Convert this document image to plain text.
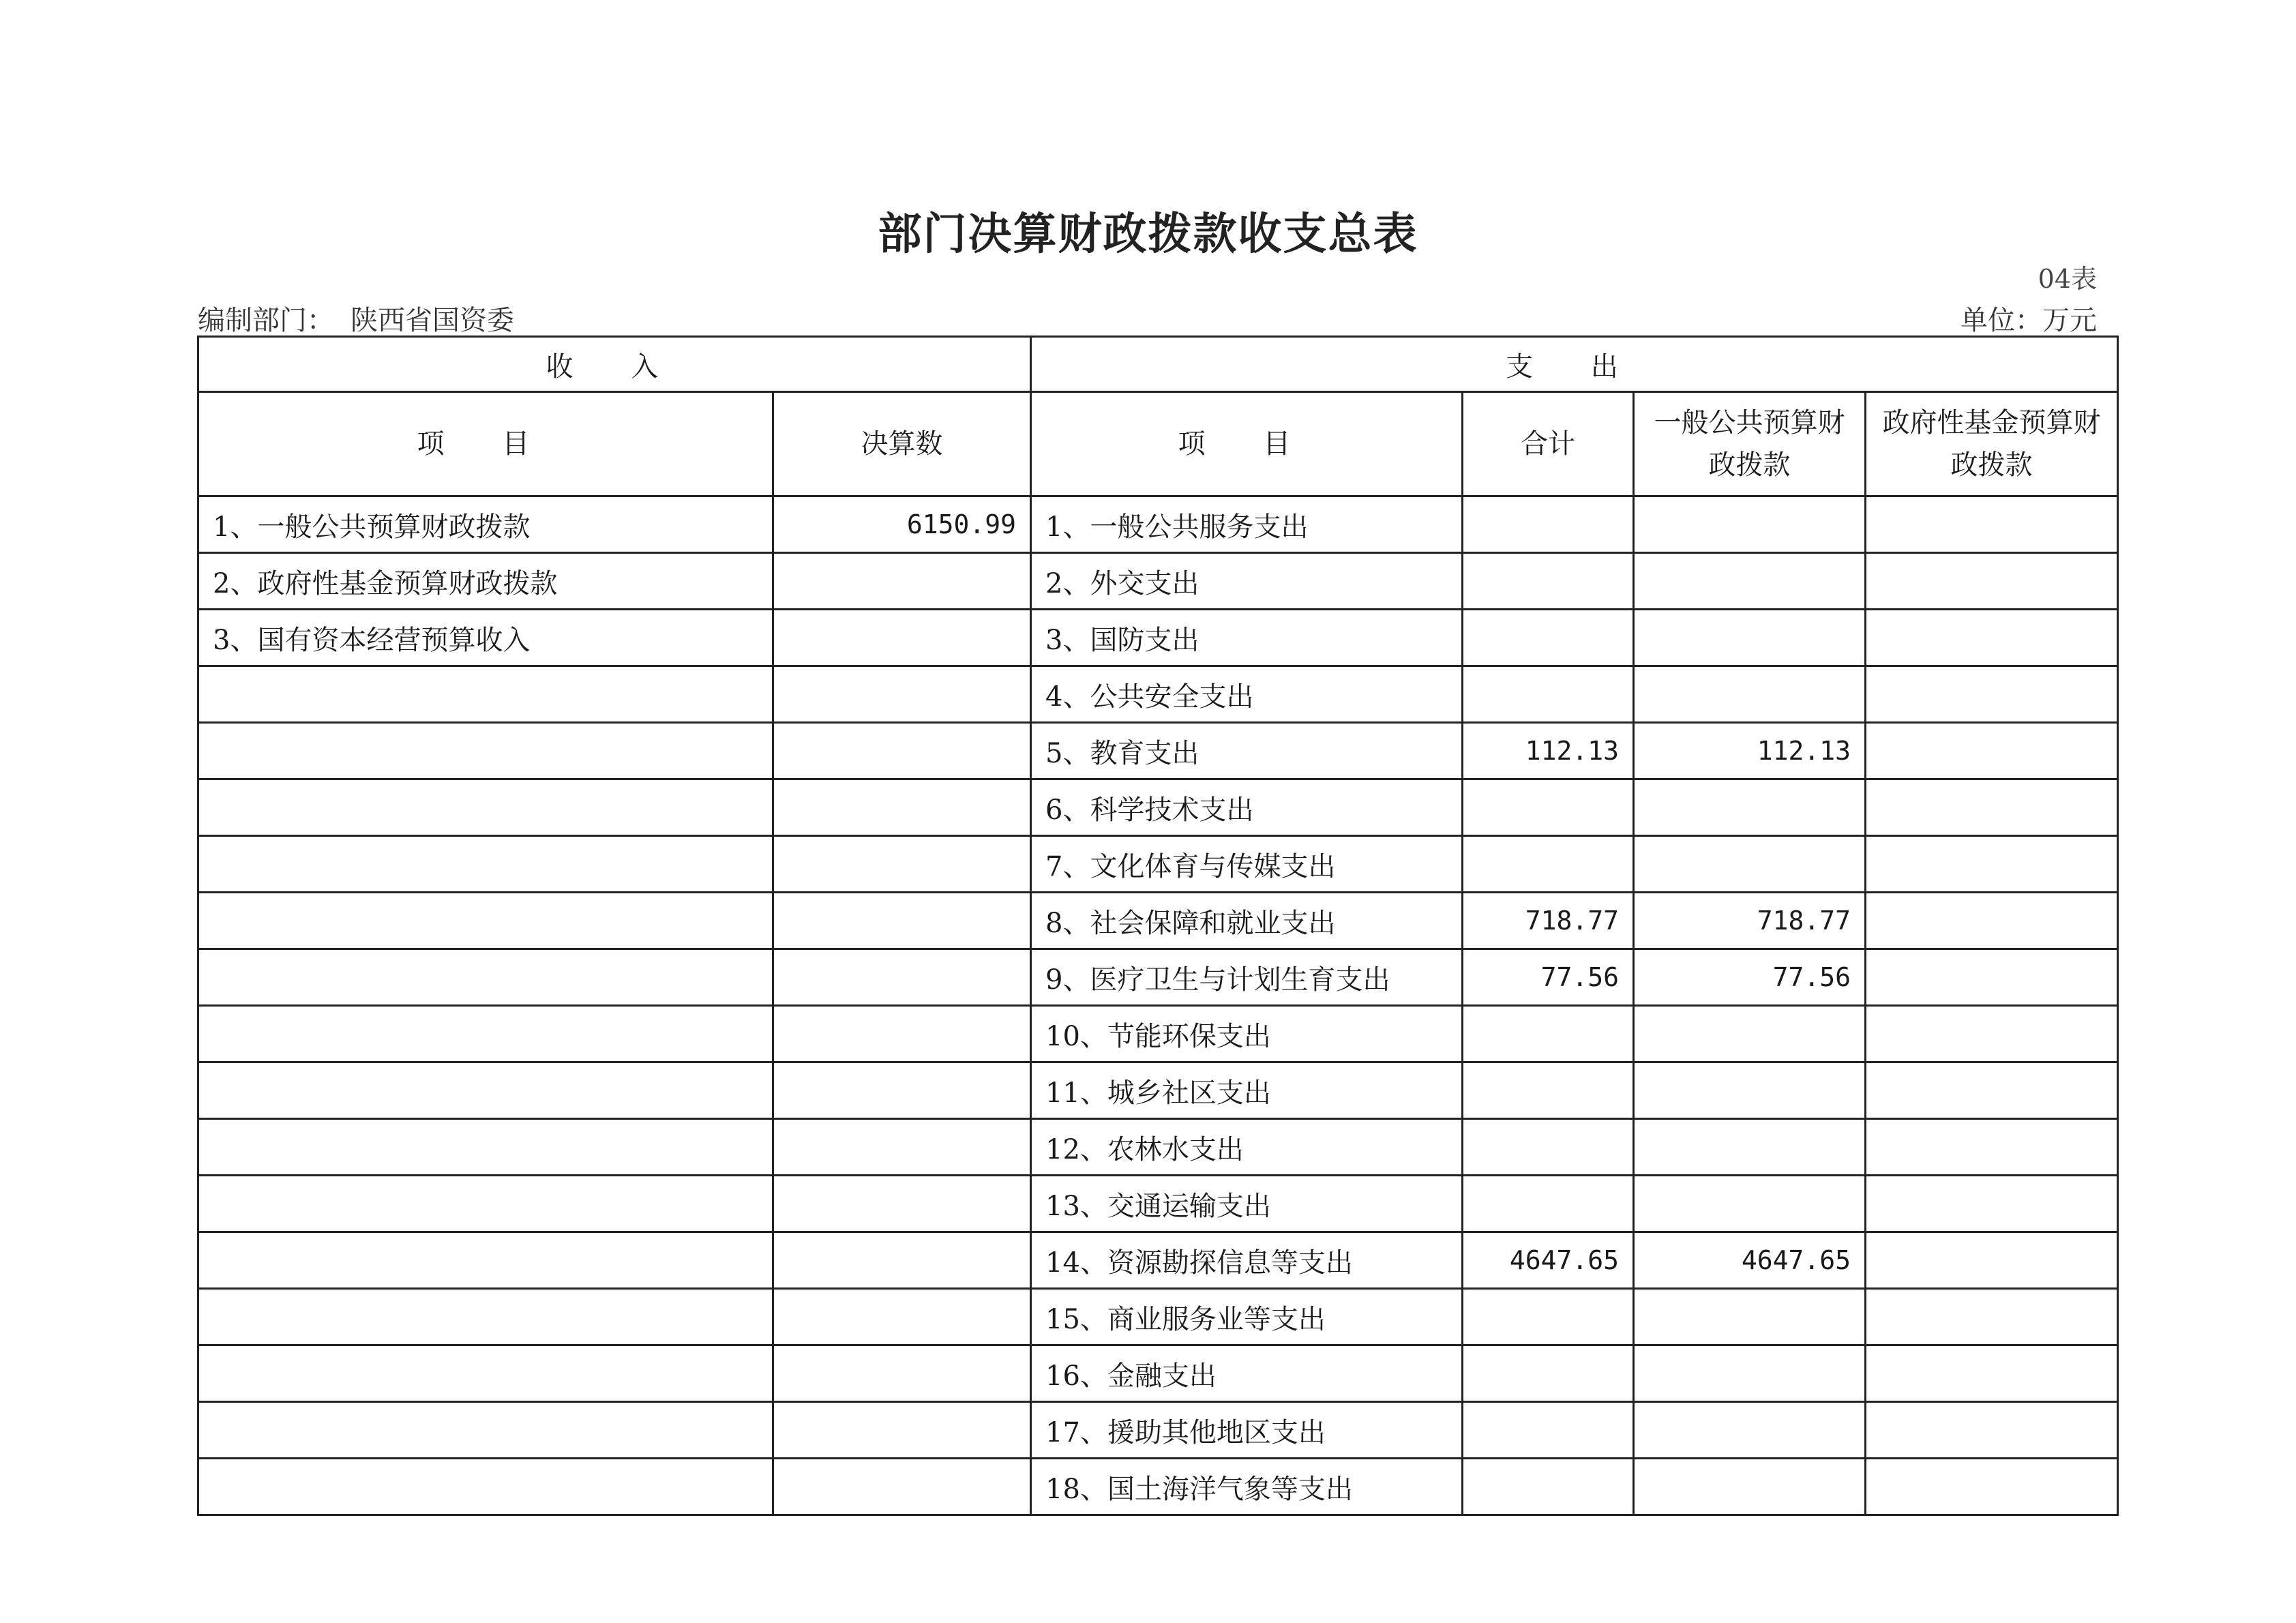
部门决算财政拨款收支总表
04表
编制部门： 陕西省国资委	单位：万元
收 入		支 出			
项 目	决算数	项 目	合计	一般公共预算财政拨款	政府性基金预算财政拨款
1、一般公共预算财政拨款	6150.99	1、一般公共服务支出			
2、政府性基金预算财政拨款		2、外交支出			
3、国有资本经营预算收入		3、国防支出			
		4、公共安全支出			
		5、教育支出	112.13	112.13	
		6、科学技术支出			
		7、文化体育与传媒支出			
		8、社会保障和就业支出	718.77	718.77	
		9、医疗卫生与计划生育支出	77.56	77.56	
		10、节能环保支出			
		11、城乡社区支出			
		12、农林水支出			
		13、交通运输支出			
		14、资源勘探信息等支出	4647.65	4647.65	
		15、商业服务业等支出			
		16、金融支出			
		17、援助其他地区支出			
		18、国土海洋气象等支出			
